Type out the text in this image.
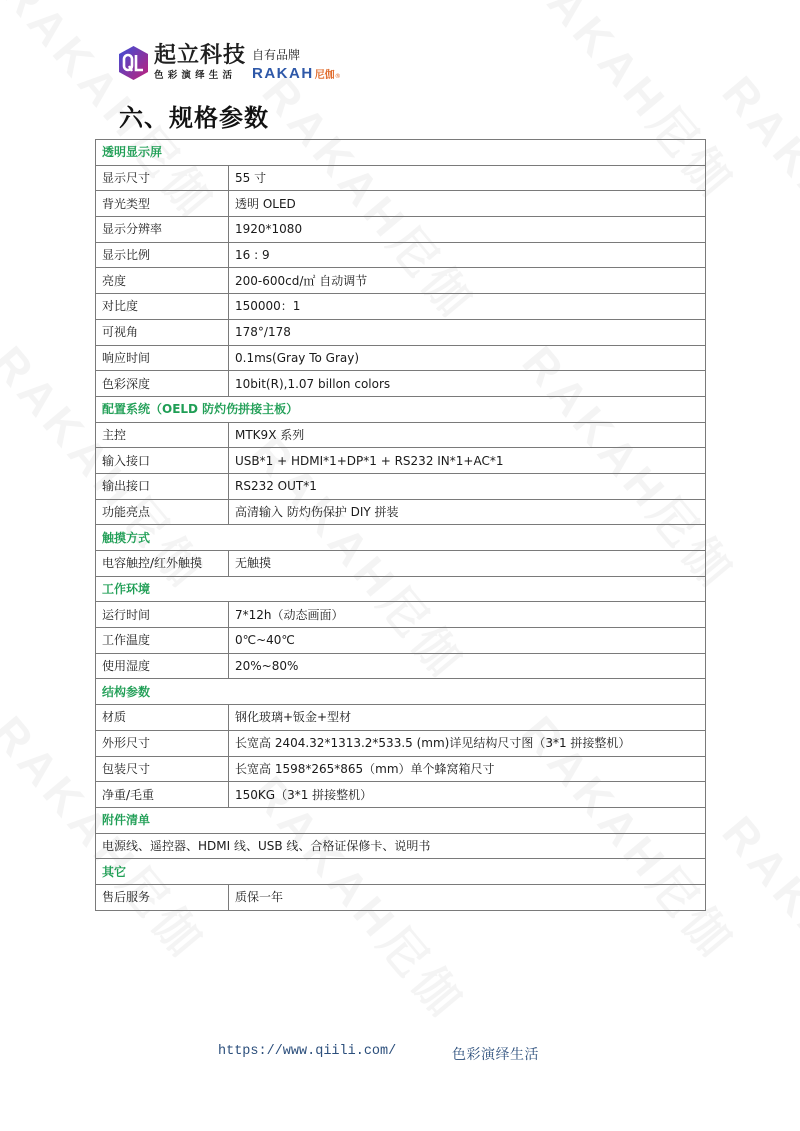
起立科技
色彩演绎生活
自有品牌
RAKAH 尼伽 ®
六、规格参数
透明显示屏	
显示尺寸	55 寸
背光类型	透明 OLED
显示分辨率	1920*1080
显示比例	16 : 9
亮度	200-600cd/㎡ 自动调节
对比度	150000：1
可视角	178°/178
响应时间	0.1ms(Gray To Gray)
色彩深度	10bit(R),1.07 billon colors
配置系统（OELD 防灼伤拼接主板）	
主控	MTK9X 系列
输入接口	USB*1 + HDMI*1+DP*1 + RS232 IN*1+AC*1
输出接口	RS232 OUT*1
功能亮点	高清输入 防灼伤保护 DIY 拼装
触摸方式	
电容触控/红外触摸	无触摸
工作环境	
运行时间	7*12h（动态画面）
工作温度	0℃~40℃
使用湿度	20%~80%
结构参数	
材质	钢化玻璃+钣金+型材
外形尺寸	长宽高 2404.32*1313.2*533.5 (mm)详见结构尺寸图（3*1 拼接整机）
包装尺寸	长宽高 1598*265*865（mm）单个蜂窝箱尺寸
净重/毛重	150KG（3*1 拼接整机）
附件清单	
电源线、遥控器、HDMI 线、USB 线、合格证保修卡、说明书	
其它	
售后服务	质保一年
https://www.qiili.com/	色彩演绎生活
